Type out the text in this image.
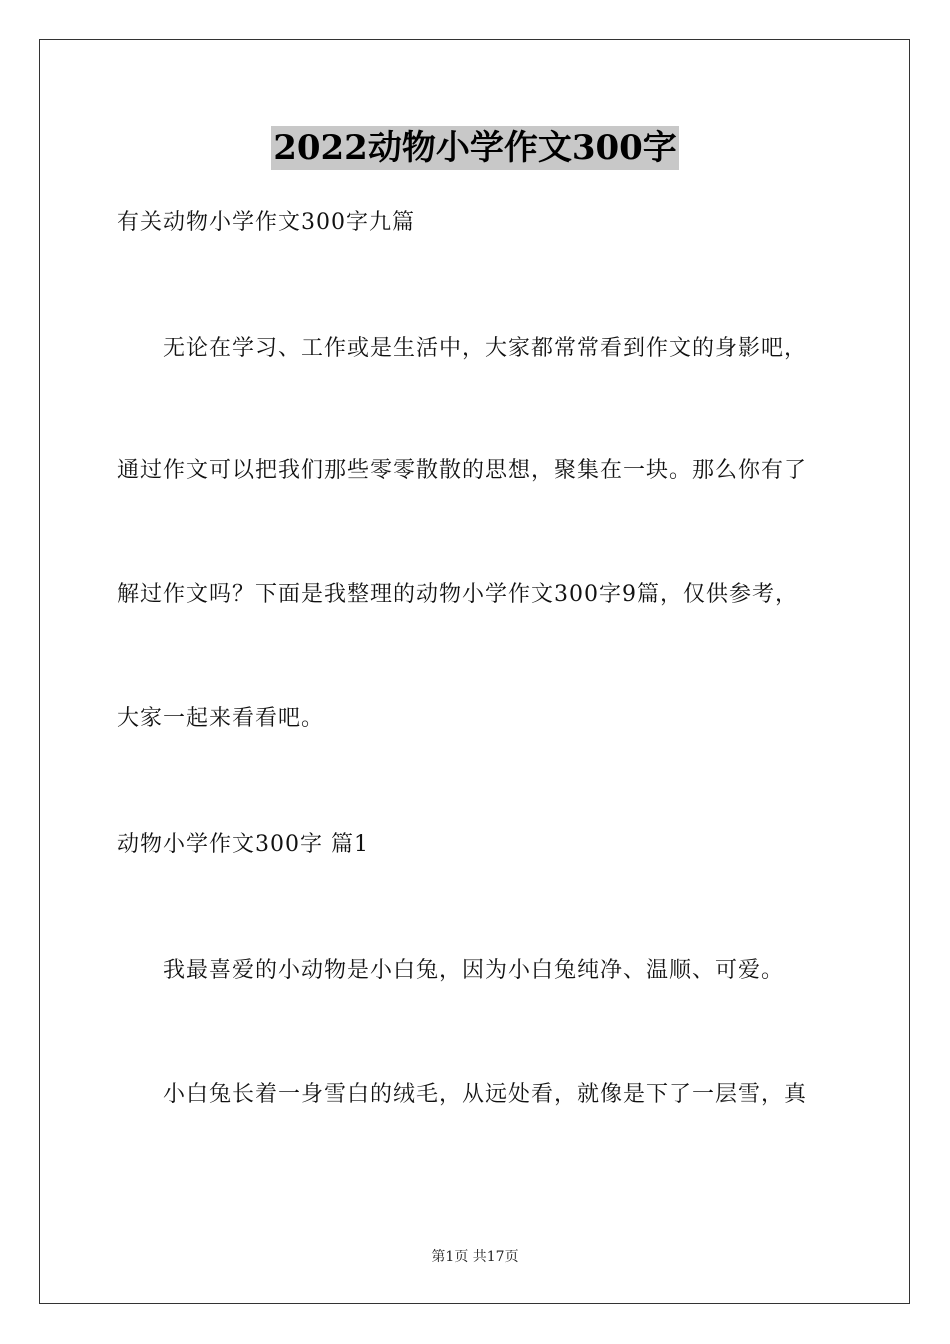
2022动物小学作文300字

有关动物小学作文300字九篇

无论在学习、工作或是生活中，大家都常常看到作文的身影吧，

通过作文可以把我们那些零零散散的思想，聚集在一块。那么你有了

解过作文吗？下面是我整理的动物小学作文300字9篇，仅供参考，

大家一起来看看吧。

动物小学作文300字 篇1

我最喜爱的小动物是小白兔，因为小白兔纯净、温顺、可爱。

小白兔长着一身雪白的绒毛，从远处看，就像是下了一层雪，真

第1页 共17页
